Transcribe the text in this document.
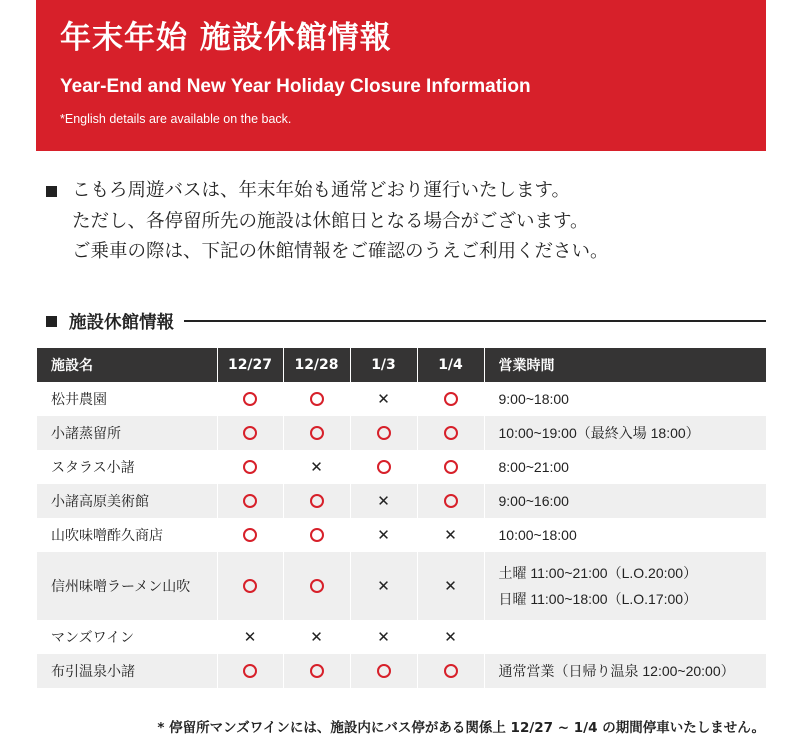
年末年始 施設休館情報
Year-End and New Year Holiday Closure Information
*English details are available on the back.
こもろ周遊バスは、年末年始も通常どおり運行いたします。
ただし、各停留所先の施設は休館日となる場合がございます。
ご乗車の際は、下記の休館情報をご確認のうえご利用ください。
施設休館情報
施設名	12/27	12/28	1/3	1/4	営業時間
松井農園			✕		9:00~18:00

小諸蒸留所					10:00~19:00（最終入場 18:00）

スタラス小諸		✕			8:00~21:00

小諸高原美術館			✕		9:00~16:00

山吹味噌酢久商店			✕	✕	10:00~18:00

信州味噌ラーメン山吹			✕	✕	土曜 11:00~21:00（L.O.20:00）
日曜 11:00~18:00（L.O.17:00）

マンズワイン	✕	✕	✕	✕	
布引温泉小諸					通常営業（日帰り温泉 12:00~20:00）
* 停留所マンズワインには、施設内にバス停がある関係上 12/27 ~ 1/4 の期間停車いたしません。
